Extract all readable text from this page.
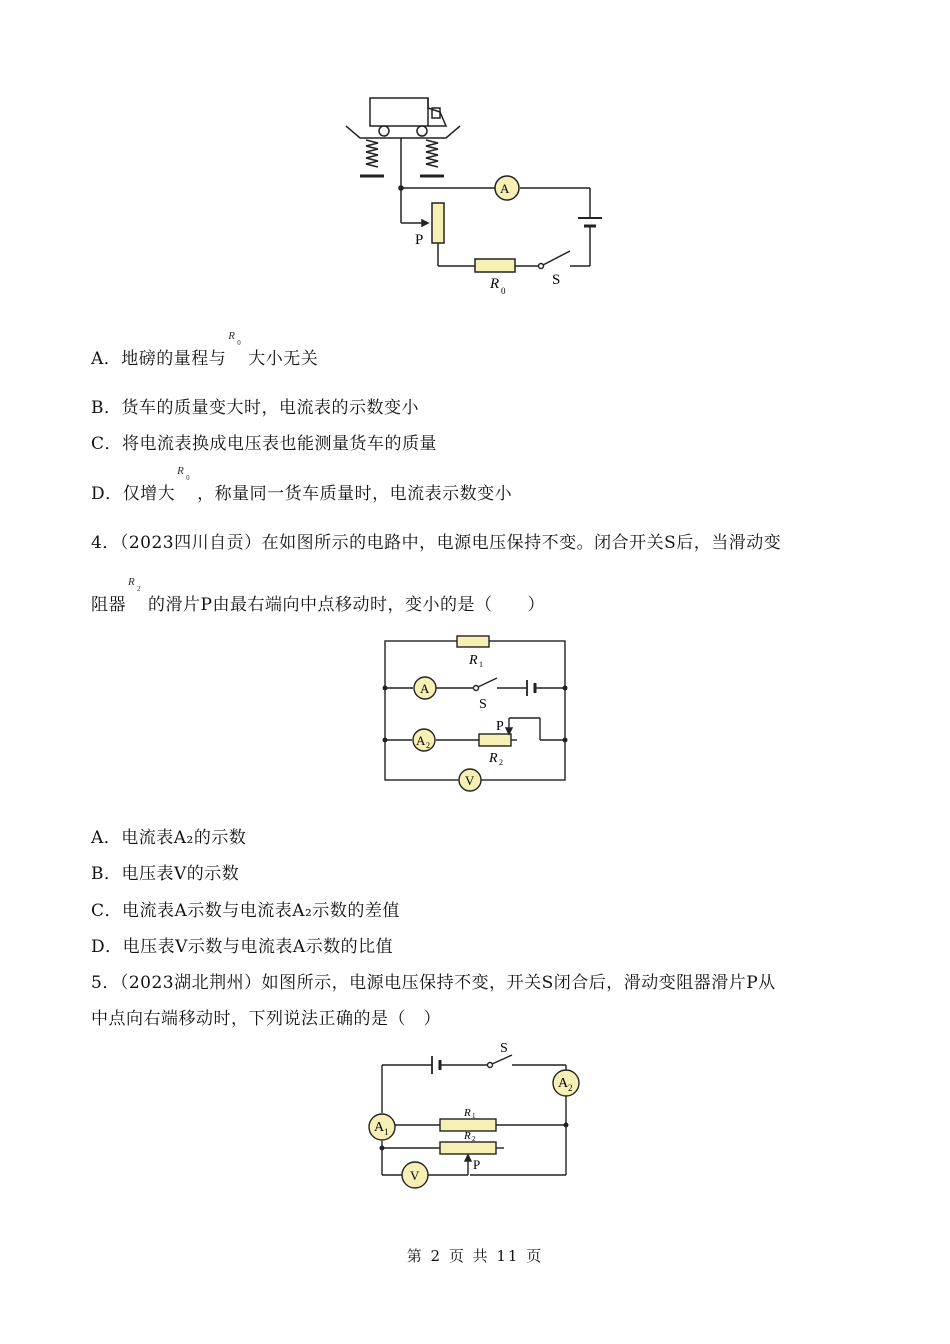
A
P
R 0
S
A．地磅的量程与
R
0
大小无关
B．货车的质量变大时，电流表的示数变小
C．将电流表换成电压表也能测量货车的质量
D．仅增大
R
0
，称量同一货车质量时，电流表示数变小
4．（2023四川自贡）在如图所示的电路中，电源电压保持不变。闭合开关S后，当滑动变
阻器
R
2
的滑片P由最右端向中点移动时，变小的是（　　）
R 1
A
S
P
A 2
R 2
V
A．电流表A₂的示数
B．电压表V的示数
C．电流表A示数与电流表A₂示数的差值
D．电压表V示数与电流表A示数的比值
5．（2023湖北荆州）如图所示，电源电压保持不变，开关S闭合后，滑动变阻器滑片P从
中点向右端移动时，下列说法正确的是（　）
S
A 2
R 1
A 1	R 2
P
V
第 2 页 共 11 页
